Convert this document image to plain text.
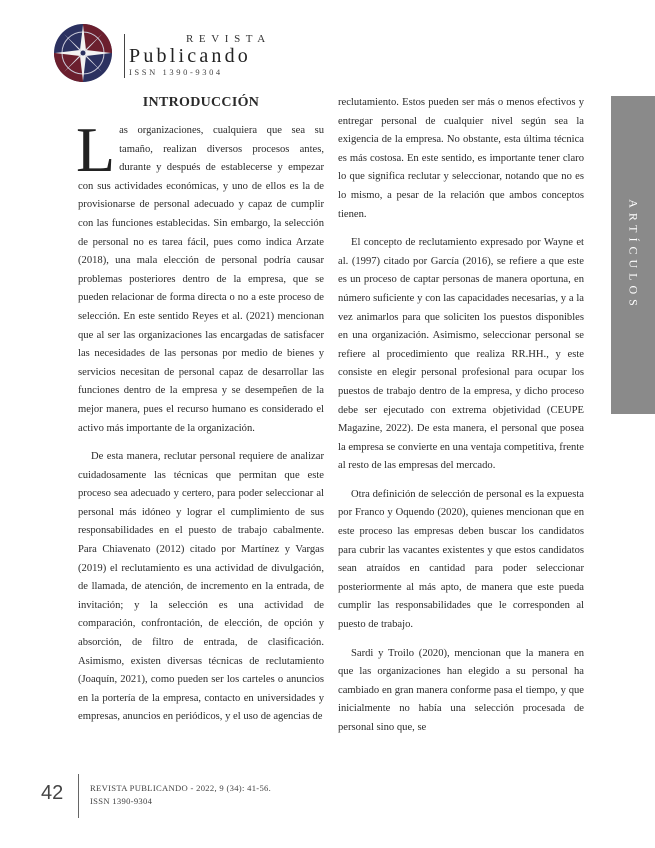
REVISTA
Publicando
ISSN 1390-9304
ARTÍCULOS
INTRODUCCIÓN

Las organizaciones, cualquiera que sea su tamaño, realizan diversos procesos antes, durante y después de establecerse y empezar con sus actividades económicas, y uno de ellos es la de provisionarse de personal adecuado y capaz de cumplir con las funciones establecidas. Sin embargo, la selección de personal no es tarea fácil, pues como indica Arzate (2018), una mala elección de personal podría causar problemas posteriores dentro de la empresa, que se pueden relacionar de forma directa o no a este proceso de selección. En este sentido Reyes et al. (2021) mencionan que al ser las organizaciones las encargadas de satisfacer las necesidades de las personas por medio de bienes y servicios necesitan de personal capaz de desarrollar las funciones dentro de la empresa y se desempeñen de la mejor manera, pues el recurso humano es considerado el activo más importante de la organización.

De esta manera, reclutar personal requiere de analizar cuidadosamente las técnicas que permitan que este proceso sea adecuado y certero, para poder seleccionar al personal más idóneo y lograr el cumplimiento de sus responsabilidades en el puesto de trabajo cabalmente. Para Chiavenato (2012) citado por Martínez y Vargas (2019) el reclutamiento es una actividad de divulgación, de llamada, de atención, de incremento en la entrada, de invitación; y la selección es una actividad de comparación, confrontación, de elección, de opción y absorción, de filtro de entrada, de clasificación. Asimismo, existen diversas técnicas de reclutamiento (Joaquín, 2021), como pueden ser los carteles o anuncios en la portería de la empresa, contacto en universidades y empresas, anuncios en periódicos, y el uso de agencias de

reclutamiento. Estos pueden ser más o menos efectivos y entregar personal de cualquier nivel según sea la exigencia de la empresa. No obstante, esta última técnica es más costosa. En este sentido, es importante tener claro lo que significa reclutar y seleccionar, notando que no es lo mismo, a pesar de la relación que ambos conceptos tienen.

El concepto de reclutamiento expresado por Wayne et al. (1997) citado por García (2016), se refiere a que este es un proceso de captar personas de manera oportuna, en número suficiente y con las capacidades necesarias, y a la vez animarlos para que soliciten los puestos disponibles en una organización. Asimismo, seleccionar personal se refiere al procedimiento que realiza RR.HH., y este consiste en elegir personal profesional para ocupar los puestos de trabajo dentro de la empresa, y dicho proceso debe ser ejecutado con extrema objetividad (CEUPE Magazine, 2022). De esta manera, el personal que posea la empresa se convierte en una ventaja competitiva, frente al resto de las empresas del mercado.

Otra definición de selección de personal es la expuesta por Franco y Oquendo (2020), quienes mencionan que en este proceso las empresas deben buscar los candidatos para cubrir las vacantes existentes y que estos candidatos sean atraídos en cantidad para poder seleccionar posteriormente al más apto, de manera que este pueda cumplir las responsabilidades que le corresponden al puesto de trabajo.

Sardi y Troilo (2020), mencionan que la manera en que las organizaciones han elegido a su personal ha cambiado en gran manera conforme pasa el tiempo, y que inicialmente no había una selección procesada de personal sino que, se

42	REVISTA PUBLICANDO - 2022, 9 (34): 41-56.
ISSN 1390-9304
